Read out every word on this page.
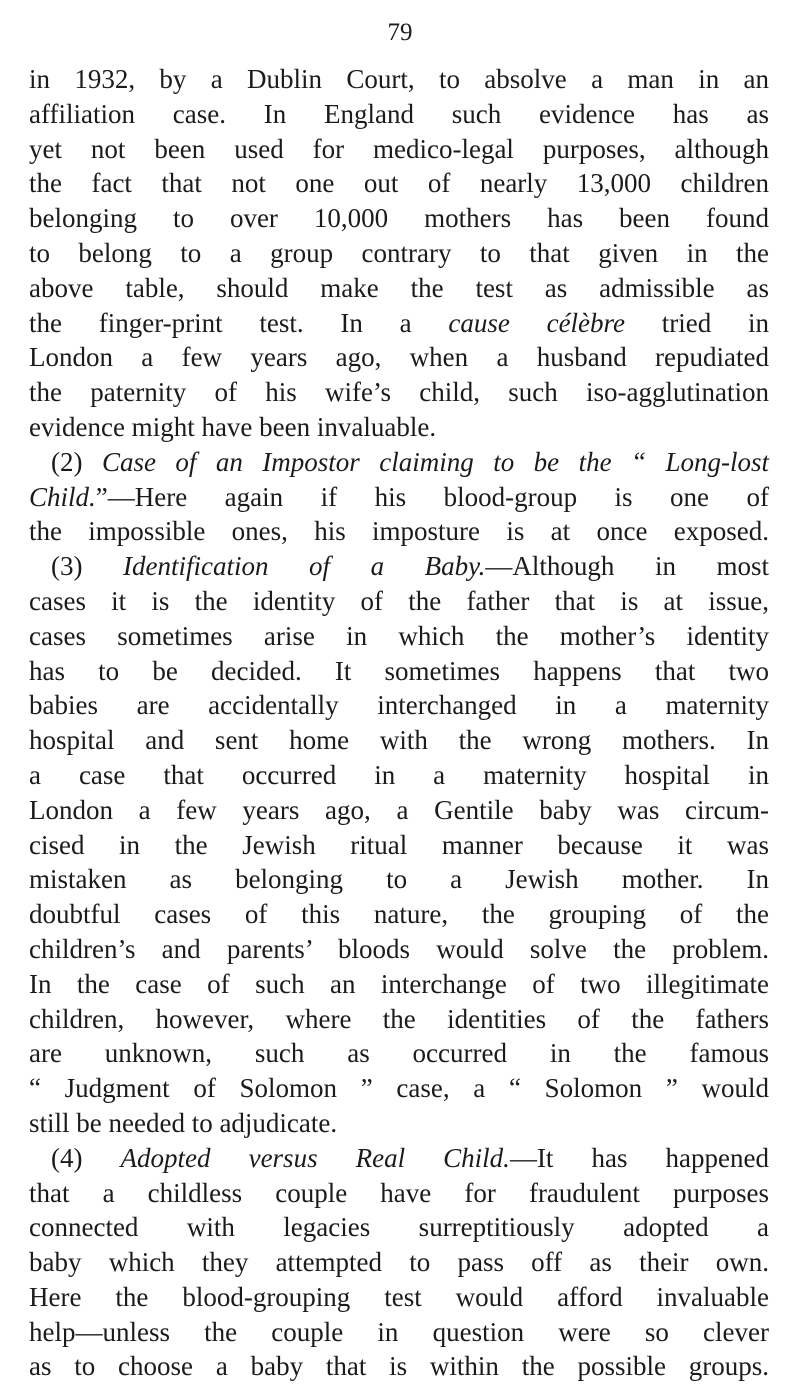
79
in 1932, by a Dublin Court, to absolve a man in an
affiliation case. In England such evidence has as
yet not been used for medico-legal purposes, although
the fact that not one out of nearly 13,000 children
belonging to over 10,000 mothers has been found
to belong to a group contrary to that given in the
above table, should make the test as admissible as
the finger-print test. In a cause célèbre tried in
London a few years ago, when a husband repudiated
the paternity of his wife’s child, such iso-agglutination
evidence might have been invaluable.
(2) Case of an Impostor claiming to be the “ Long-lost
Child.”—Here again if his blood-group is one of
the impossible ones, his imposture is at once exposed.
(3) Identification of a Baby.—Although in most
cases it is the identity of the father that is at issue,
cases sometimes arise in which the mother’s identity
has to be decided. It sometimes happens that two
babies are accidentally interchanged in a maternity
hospital and sent home with the wrong mothers. In
a case that occurred in a maternity hospital in
London a few years ago, a Gentile baby was circum-
cised in the Jewish ritual manner because it was
mistaken as belonging to a Jewish mother. In
doubtful cases of this nature, the grouping of the
children’s and parents’ bloods would solve the problem.
In the case of such an interchange of two illegitimate
children, however, where the identities of the fathers
are unknown, such as occurred in the famous
“ Judgment of Solomon ” case, a “ Solomon ” would
still be needed to adjudicate.
(4) Adopted versus Real Child.—It has happened
that a childless couple have for fraudulent purposes
connected with legacies surreptitiously adopted a
baby which they attempted to pass off as their own.
Here the blood-grouping test would afford invaluable
help—unless the couple in question were so clever
as to choose a baby that is within the possible groups.
